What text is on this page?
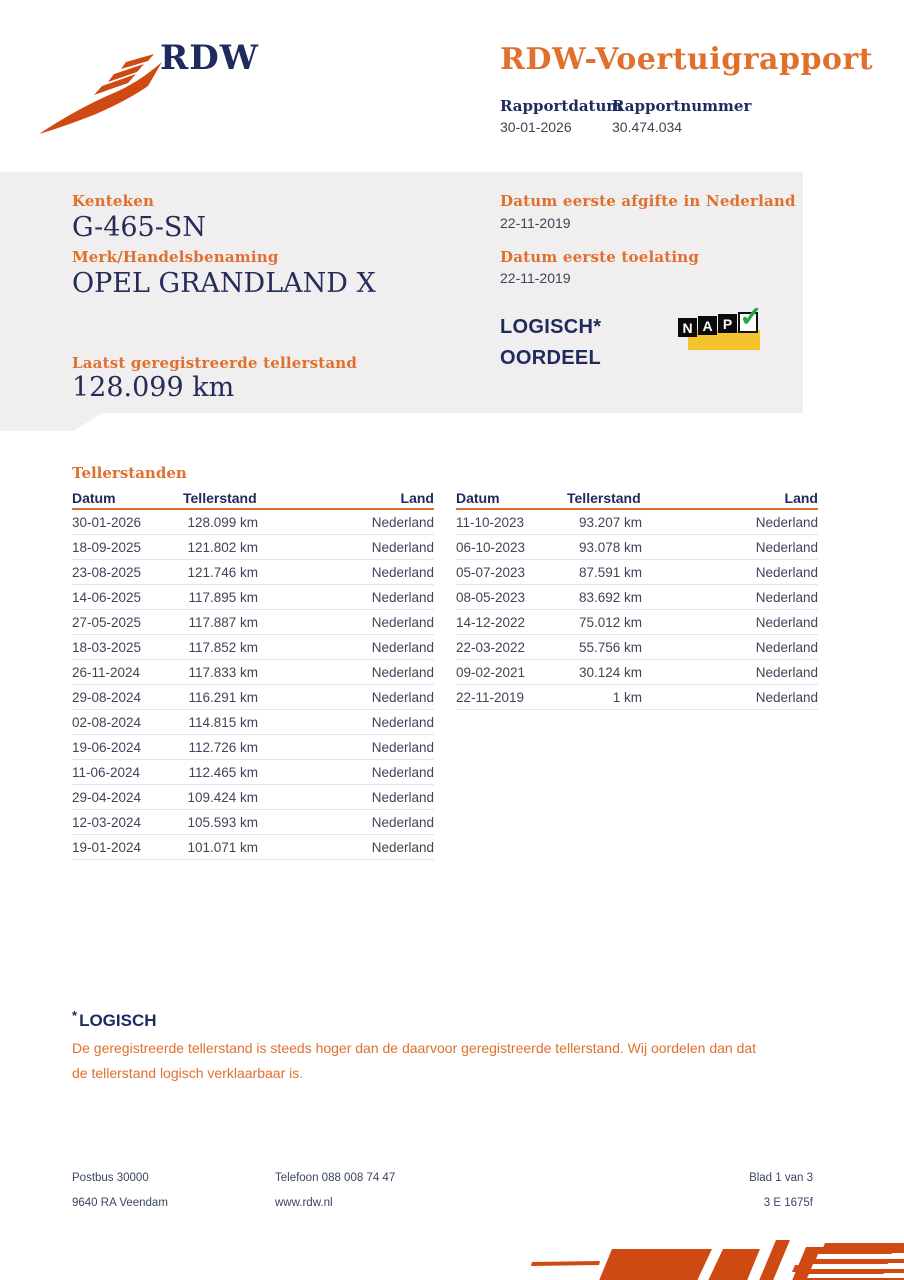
RDW	RDW-Voertuigrapport
Rapportdatum
Rapportnummer
30-01-2026	30.474.034
Kenteken
G-465-SN
Merk/Handelsbenaming
OPEL GRANDLAND X
Laatst geregistreerde tellerstand
128.099 km
Datum eerste afgifte in Nederland
22-11-2019
Datum eerste toelating
22-11-2019
LOGISCH*
OORDEEL
N A P ✓
Tellerstanden
Datum	Tellerstand	Land
30-01-2026	128.099 km	Nederland
18-09-2025	121.802 km	Nederland
23-08-2025	121.746 km	Nederland
14-06-2025	117.895 km	Nederland
27-05-2025	117.887 km	Nederland
18-03-2025	117.852 km	Nederland
26-11-2024	117.833 km	Nederland
29-08-2024	116.291 km	Nederland
02-08-2024	114.815 km	Nederland
19-06-2024	112.726 km	Nederland
11-06-2024	112.465 km	Nederland
29-04-2024	109.424 km	Nederland
12-03-2024	105.593 km	Nederland
19-01-2024	101.071 km	Nederland
Datum	Tellerstand	Land
11-10-2023	93.207 km	Nederland
06-10-2023	93.078 km	Nederland
05-07-2023	87.591 km	Nederland
08-05-2023	83.692 km	Nederland
14-12-2022	75.012 km	Nederland
22-03-2022	55.756 km	Nederland
09-02-2021	30.124 km	Nederland
22-11-2019	1 km	Nederland
* LOGISCH
De geregistreerde tellerstand is steeds hoger dan de daarvoor geregistreerde tellerstand. Wij oordelen dan dat de tellerstand logisch verklaarbaar is.
Postbus 30000
9640 RA Veendam
Telefoon 088 008 74 47
www.rdw.nl
Blad 1 van 3
3 E 1675f
